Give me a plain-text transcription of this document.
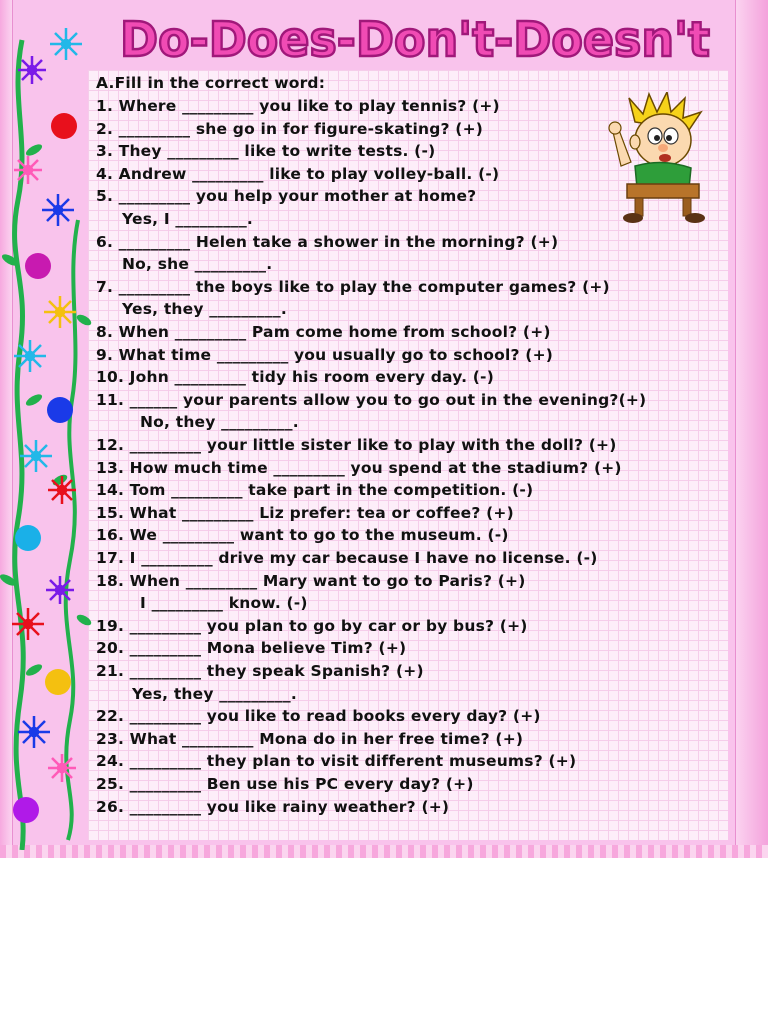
Do-Does-Don't-Doesn't
A.Fill in the correct word:
1. Where _________ you like to play tennis? (+)
2. _________ she go in for figure-skating? (+)
3. They _________ like to write tests. (-)
4. Andrew _________ like to play volley-ball. (-)
5. _________ you help your mother at home?
Yes, I _________.
6. _________ Helen take a shower in the morning? (+)
No, she _________.
7. _________ the boys like to play the computer games? (+)
Yes, they _________.
8. When _________ Pam come home from school? (+)
9. What time _________ you usually go to school? (+)
10. John _________ tidy his room every day. (-)
11. ______ your parents allow you to go out in the evening?(+)
No, they _________.
12. _________ your little sister like to play with the doll? (+)
13. How much time _________ you spend at the stadium? (+)
14. Tom _________ take part in the competition. (-)
15. What _________ Liz prefer: tea or coffee? (+)
16. We _________ want to go to the museum. (-)
17. I _________ drive my car because I have no license. (-)
18. When _________ Mary want to go to Paris? (+)
I _________ know. (-)
19. _________ you plan to go by car or by bus? (+)
20. _________ Mona believe Tim? (+)
21. _________ they speak Spanish? (+)
Yes, they _________.
22. _________ you like to read books every day? (+)
23. What _________ Mona do in her free time? (+)
24. _________ they plan to visit different museums? (+)
25. _________ Ben use his PC every day? (+)
26. _________ you like rainy weather? (+)
